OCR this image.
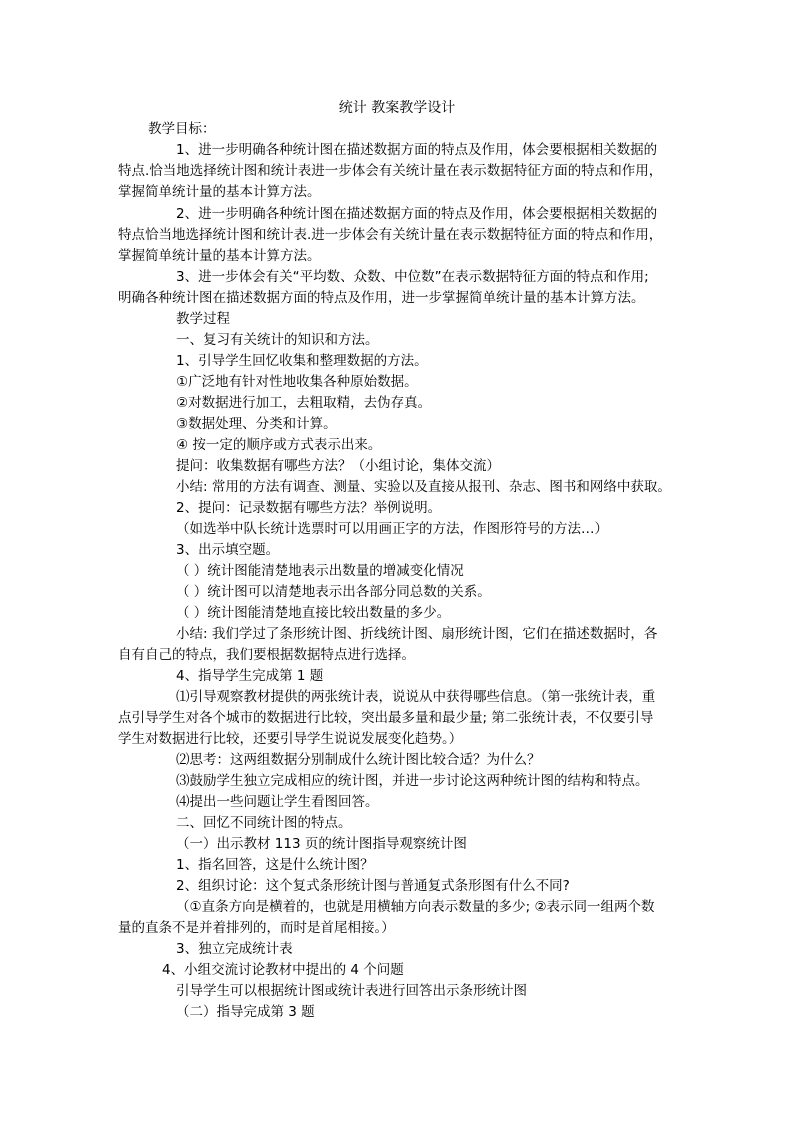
统计 教案教学设计
教学目标：
1、进一步明确各种统计图在描述数据方面的特点及作用，体会要根据相关数据的
特点.恰当地选择统计图和统计表进一步体会有关统计量在表示数据特征方面的特点和作用，
掌握简单统计量的基本计算方法。
2、进一步明确各种统计图在描述数据方面的特点及作用，体会要根据相关数据的
特点恰当地选择统计图和统计表.进一步体会有关统计量在表示数据特征方面的特点和作用，
掌握简单统计量的基本计算方法。
3、进一步体会有关“平均数、众数、中位数”在表示数据特征方面的特点和作用;
明确各种统计图在描述数据方面的特点及作用，进一步掌握简单统计量的基本计算方法。
教学过程
一、复习有关统计的知识和方法。
1、引导学生回忆收集和整理数据的方法。
①广泛地有针对性地收集各种原始数据。
②对数据进行加工，去粗取精，去伪存真。
③数据处理、分类和计算。
④ 按一定的顺序或方式表示出来。
提问：收集数据有哪些方法？（小组讨论，集体交流）
小结: 常用的方法有调查、测量、实验以及直接从报刊、杂志、图书和网络中获取。
2、提问：记录数据有哪些方法？举例说明。
（如选举中队长统计选票时可以用画正字的方法，作图形符号的方法…）
3、出示填空题。
（ ）统计图能清楚地表示出数量的增减变化情况
（ ）统计图可以清楚地表示出各部分同总数的关系。
（ ）统计图能清楚地直接比较出数量的多少。
小结: 我们学过了条形统计图、折线统计图、扇形统计图，它们在描述数据时，各
自有自己的特点，我们要根据数据特点进行选择。
4、指导学生完成第 1 题
⑴引导观察教材提供的两张统计表，说说从中获得哪些信息。（第一张统计表，重
点引导学生对各个城市的数据进行比较，突出最多量和最少量; 第二张统计表，不仅要引导
学生对数据进行比较，还要引导学生说说发展变化趋势。）
⑵思考：这两组数据分别制成什么统计图比较合适？为什么？
⑶鼓励学生独立完成相应的统计图，并进一步讨论这两种统计图的结构和特点。
⑷提出一些问题让学生看图回答。
二、回忆不同统计图的特点。
（一）出示教材 113 页的统计图指导观察统计图
1、指名回答，这是什么统计图？
2、组织讨论：这个复式条形统计图与普通复式条形图有什么不同?
（①直条方向是横着的，也就是用横轴方向表示数量的多少; ②表示同一组两个数
量的直条不是并着排列的，而时是首尾相接。）
3、独立完成统计表
4、小组交流讨论教材中提出的 4 个问题
引导学生可以根据统计图或统计表进行回答出示条形统计图
（二）指导完成第 3 题
